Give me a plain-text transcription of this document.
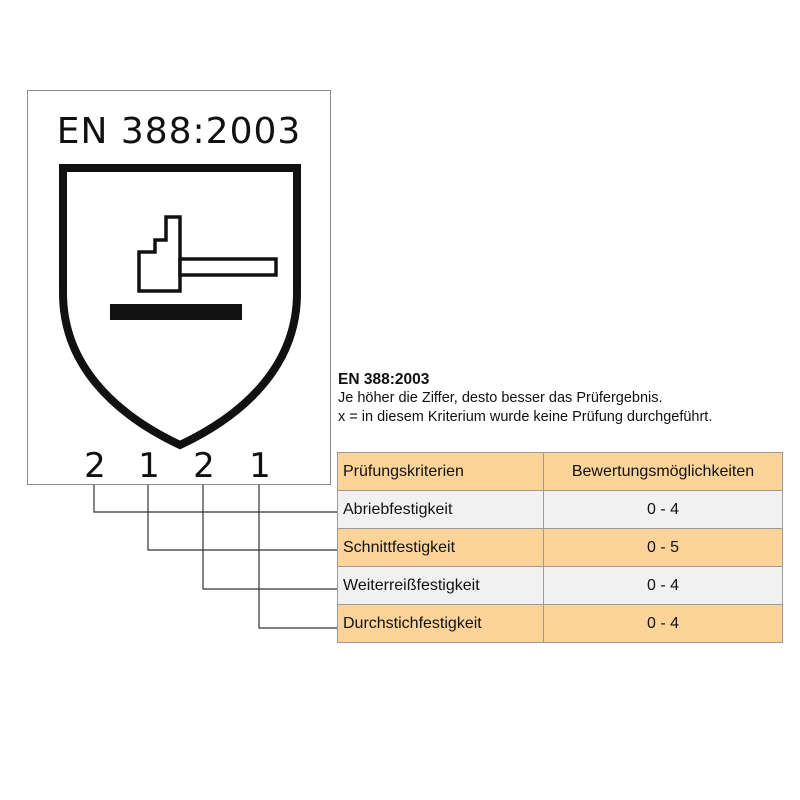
EN 388:2003
2 1 2 1
EN 388:2003
Je höher die Ziffer, desto besser das Prüfergebnis.
x = in diesem Kriterium wurde keine Prüfung durchgeführt.
Prüfungskriterien	Bewertungsmöglichkeiten
Abriebfestigkeit	0 - 4
Schnittfestigkeit	0 - 5
Weiterreißfestigkeit	0 - 4
Durchstichfestigkeit	0 - 4
